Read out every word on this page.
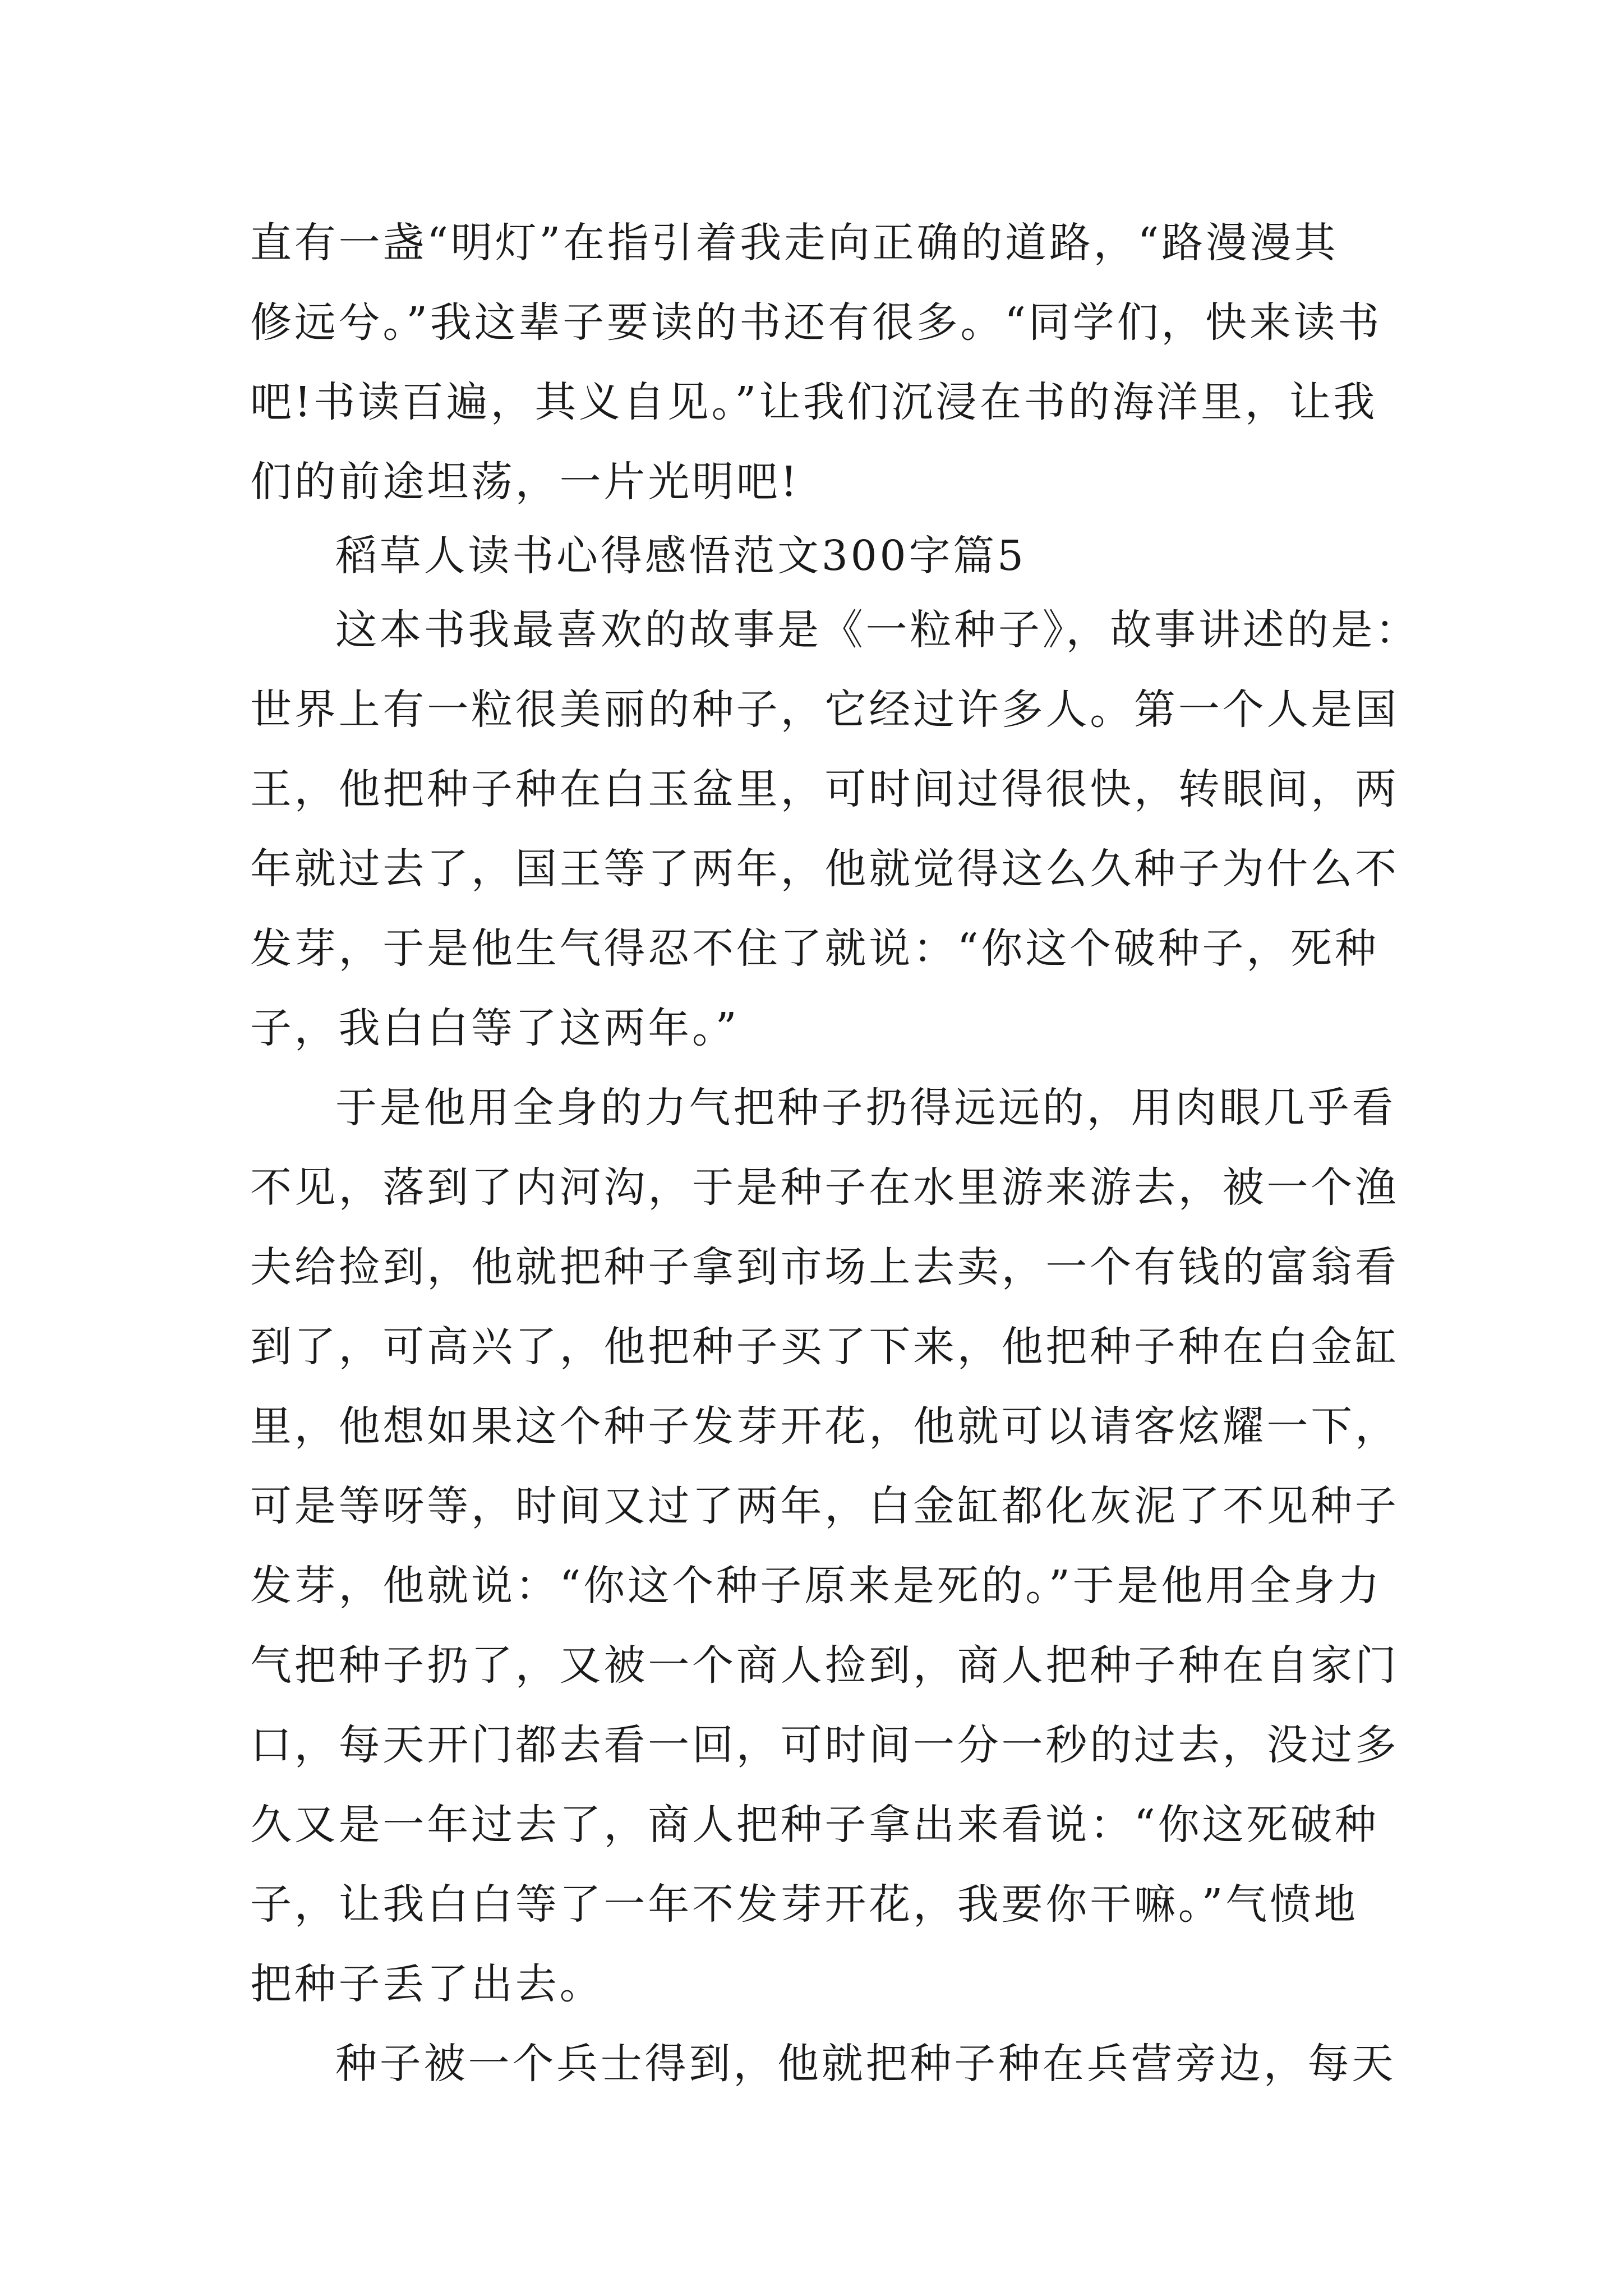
直有一盏“明灯”在指引着我走向正确的道路，“路漫漫其
修远兮。”我这辈子要读的书还有很多。“同学们，快来读书
吧!书读百遍，其义自见。”让我们沉浸在书的海洋里，让我
们的前途坦荡，一片光明吧!
稻草人读书心得感悟范文300字篇5
这本书我最喜欢的故事是《一粒种子》，故事讲述的是：
世界上有一粒很美丽的种子，它经过许多人。第一个人是国
王，他把种子种在白玉盆里，可时间过得很快，转眼间，两
年就过去了，国王等了两年，他就觉得这么久种子为什么不
发芽，于是他生气得忍不住了就说：“你这个破种子，死种
子，我白白等了这两年。”
于是他用全身的力气把种子扔得远远的，用肉眼几乎看
不见，落到了内河沟，于是种子在水里游来游去，被一个渔
夫给捡到，他就把种子拿到市场上去卖，一个有钱的富翁看
到了，可高兴了，他把种子买了下来，他把种子种在白金缸
里，他想如果这个种子发芽开花，他就可以请客炫耀一下，
可是等呀等，时间又过了两年，白金缸都化灰泥了不见种子
发芽，他就说：“你这个种子原来是死的。”于是他用全身力
气把种子扔了，又被一个商人捡到，商人把种子种在自家门
口，每天开门都去看一回，可时间一分一秒的过去，没过多
久又是一年过去了，商人把种子拿出来看说：“你这死破种
子，让我白白等了一年不发芽开花，我要你干嘛。”气愤地
把种子丢了出去。
种子被一个兵士得到，他就把种子种在兵营旁边，每天
